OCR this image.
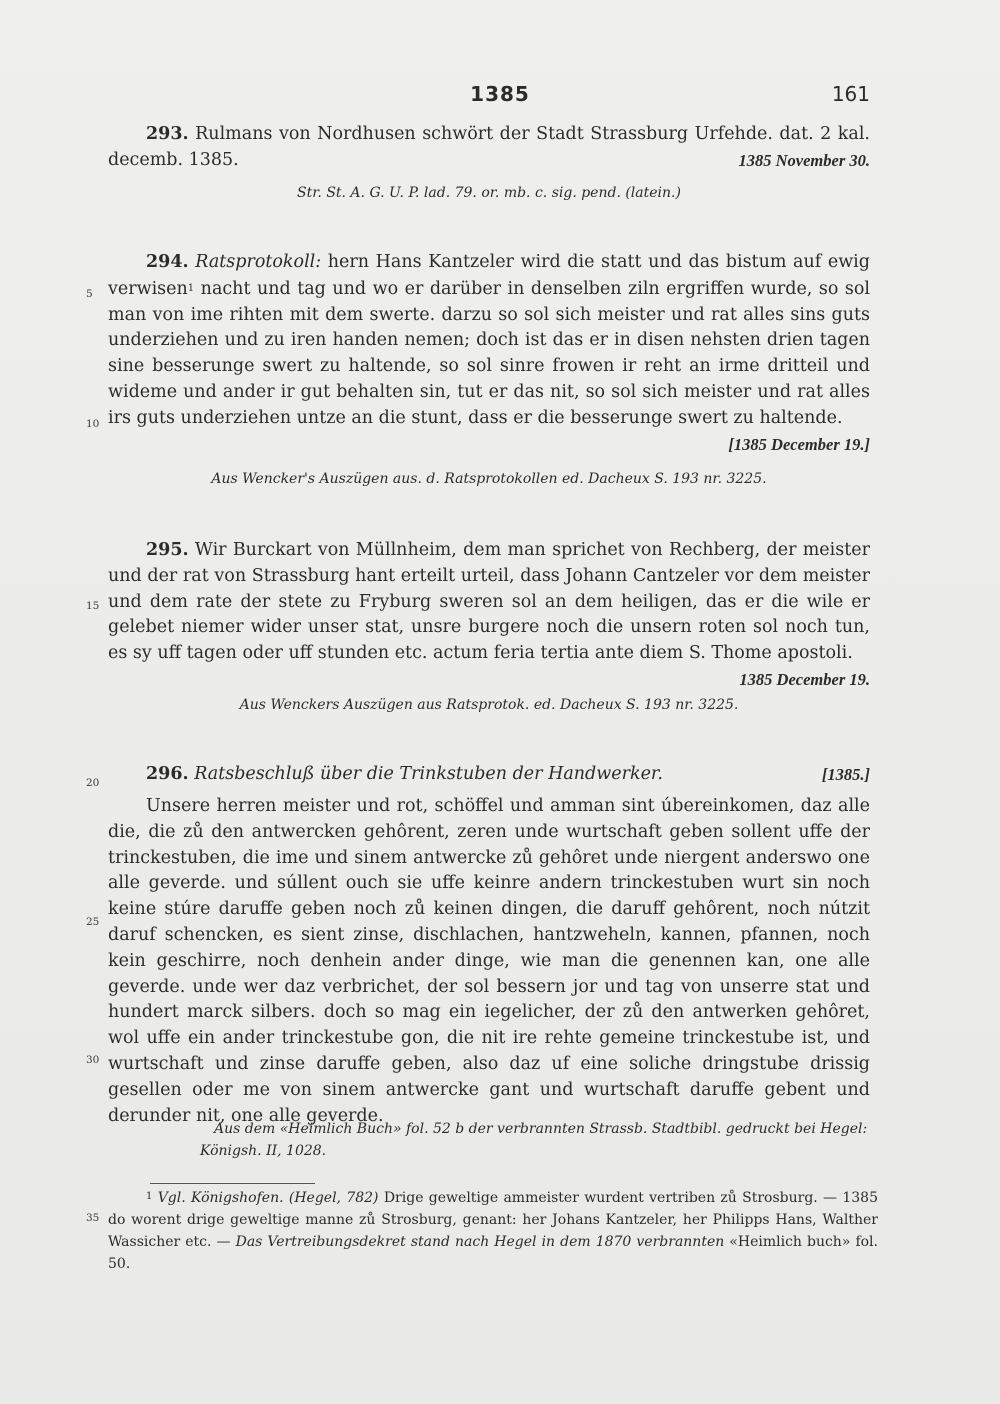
1385	161
293. Rulmans von Nordhusen schwört der Stadt Strassburg Urfehde. dat. 2 kal. decemb. 1385.	1385 November 30.
Str. St. A. G. U. P. lad. 79. or. mb. c. sig. pend. (latein.)
294. Ratsprotokoll: hern Hans Kantzeler wird die statt und das bistum auf ewig verwisen$^1$ nacht und tag und wo er darüber in denselben ziln ergriffen wurde, so sol man von ime rihten mit dem swerte. darzu so sol sich meister und rat alles sins guts underziehen und zu iren handen nemen; doch ist das er in disen nehsten drien tagen sine besserunge swert zu haltende, so sol sinre frowen ir reht an irme dritteil und wideme und ander ir gut behalten sin, tut er das nit, so sol sich meister und rat alles irs guts underziehen untze an die stunt, dass er die besserunge swert zu haltende.
[1385 December 19.]
Aus Wencker's Auszügen aus. d. Ratsprotokollen ed. Dacheux S. 193 nr. 3225.
295. Wir Burckart von Müllnheim, dem man sprichet von Rechberg, der meister und der rat von Strassburg hant erteilt urteil, dass Johann Cantzeler vor dem meister und dem rate der stete zu Fryburg sweren sol an dem heiligen, das er die wile er gelebet niemer wider unser stat, unsre burgere noch die unsern roten sol noch tun, es sy uff tagen oder uff stunden etc. actum feria tertia ante diem S. Thome apostoli.
1385 December 19.
Aus Wenckers Auszügen aus Ratsprotok. ed. Dacheux S. 193 nr. 3225.
296. Ratsbeschluß über die Trinkstuben der Handwerker.	[1385.]
Unsere herren meister und rot, schöffel und amman sint úbereinkomen, daz alle die, die zů den antwercken gehôrent, zeren unde wurtschaft geben sollent uffe der trinckestuben, die ime und sinem antwercke zů gehôret unde niergent anderswo one alle geverde. und súllent ouch sie uffe keinre andern trinckestuben wurt sin noch keine stúre daruffe geben noch zů keinen dingen, die daruff gehôrent, noch nútzit daruf schencken, es sient zinse, dischlachen, hantzweheln, kannen, pfannen, noch kein geschirre, noch denhein ander dinge, wie man die genennen kan, one alle geverde. unde wer daz verbrichet, der sol bessern jor und tag von unserre stat und hundert marck silbers. doch so mag ein iegelicher, der zů den antwerken gehôret, wol uffe ein ander trinckestube gon, die nit ire rehte gemeine trinckestube ist, und wurtschaft und zinse daruffe geben, also daz uf eine soliche dringstube drissig gesellen oder me von sinem antwercke gant und wurtschaft daruffe gebent und derunder nit, one alle geverde.
Aus dem «Heimlich Buch» fol. 52 b der verbrannten Strassb. Stadtbibl. gedruckt bei Hegel: Königsh. II, 1028.
5
10
15
20
25
30
35
$^1$ Vgl. Königshofen. (Hegel, 782) Drige geweltige ammeister wurdent vertriben zů Strosburg. — 1385 do worent drige geweltige manne zů Strosburg, genant: her Johans Kantzeler, her Philipps Hans, Walther Wassicher etc. — Das Vertreibungsdekret stand nach Hegel in dem 1870 verbrannten «Heimlich buch» fol. 50.
